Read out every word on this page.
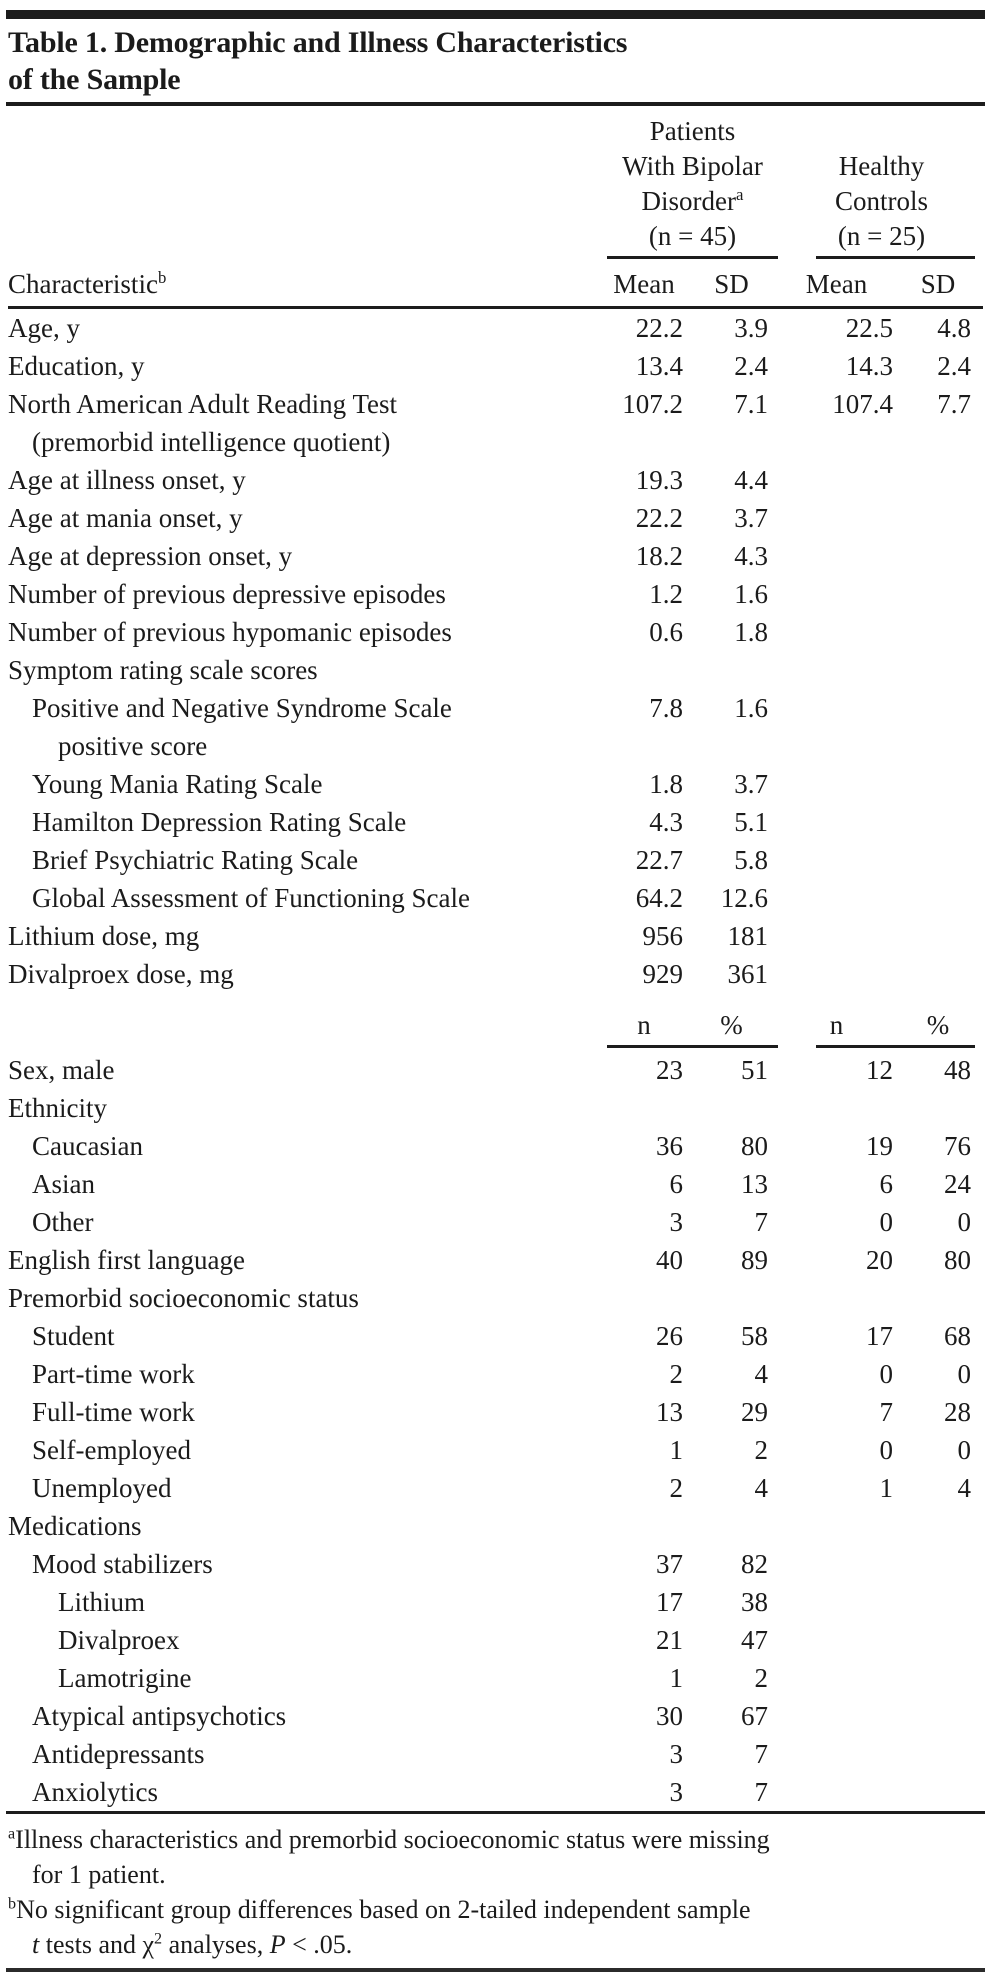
Table 1. Demographic and Illness Characteristics
of the Sample

Patients
With Bipolar
Disorder$^a$
(n = 45)

Healthy
Controls
(n = 25)

Characteristic$^b$	Mean	SD	Mean	SD
Age, y	22.2	3.9	22.5	4.8
Education, y	13.4	2.4	14.3	2.4
North American Adult Reading Test	107.2	7.1	107.4	7.7
(premorbid intelligence quotient)				
Age at illness onset, y	19.3	4.4		
Age at mania onset, y	22.2	3.7		
Age at depression onset, y	18.2	4.3		
Number of previous depressive episodes	1.2	1.6		
Number of previous hypomanic episodes	0.6	1.8		
Symptom rating scale scores				
Positive and Negative Syndrome Scale	7.8	1.6		
positive score				
Young Mania Rating Scale	1.8	3.7		
Hamilton Depression Rating Scale	4.3	5.1		
Brief Psychiatric Rating Scale	22.7	5.8		
Global Assessment of Functioning Scale	64.2	12.6		
Lithium dose, mg	956	181		
Divalproex dose, mg	929	361		

	n	%	n	%

Sex, male	23	51	12	48
Ethnicity				
Caucasian	36	80	19	76
Asian	6	13	6	24
Other	3	7	0	0
English first language	40	89	20	80
Premorbid socioeconomic status				
Student	26	58	17	68
Part-time work	2	4	0	0
Full-time work	13	29	7	28
Self-employed	1	2	0	0
Unemployed	2	4	1	4
Medications				
Mood stabilizers	37	82		
Lithium	17	38		
Divalproex	21	47		
Lamotrigine	1	2		
Atypical antipsychotics	30	67		
Antidepressants	3	7		
Anxiolytics	3	7		
$^a$Illness characteristics and premorbid socioeconomic status were missing
for 1 patient.
$^b$No significant group differences based on 2-tailed independent sample
t tests and $\chi^2$ analyses, P < .05.
